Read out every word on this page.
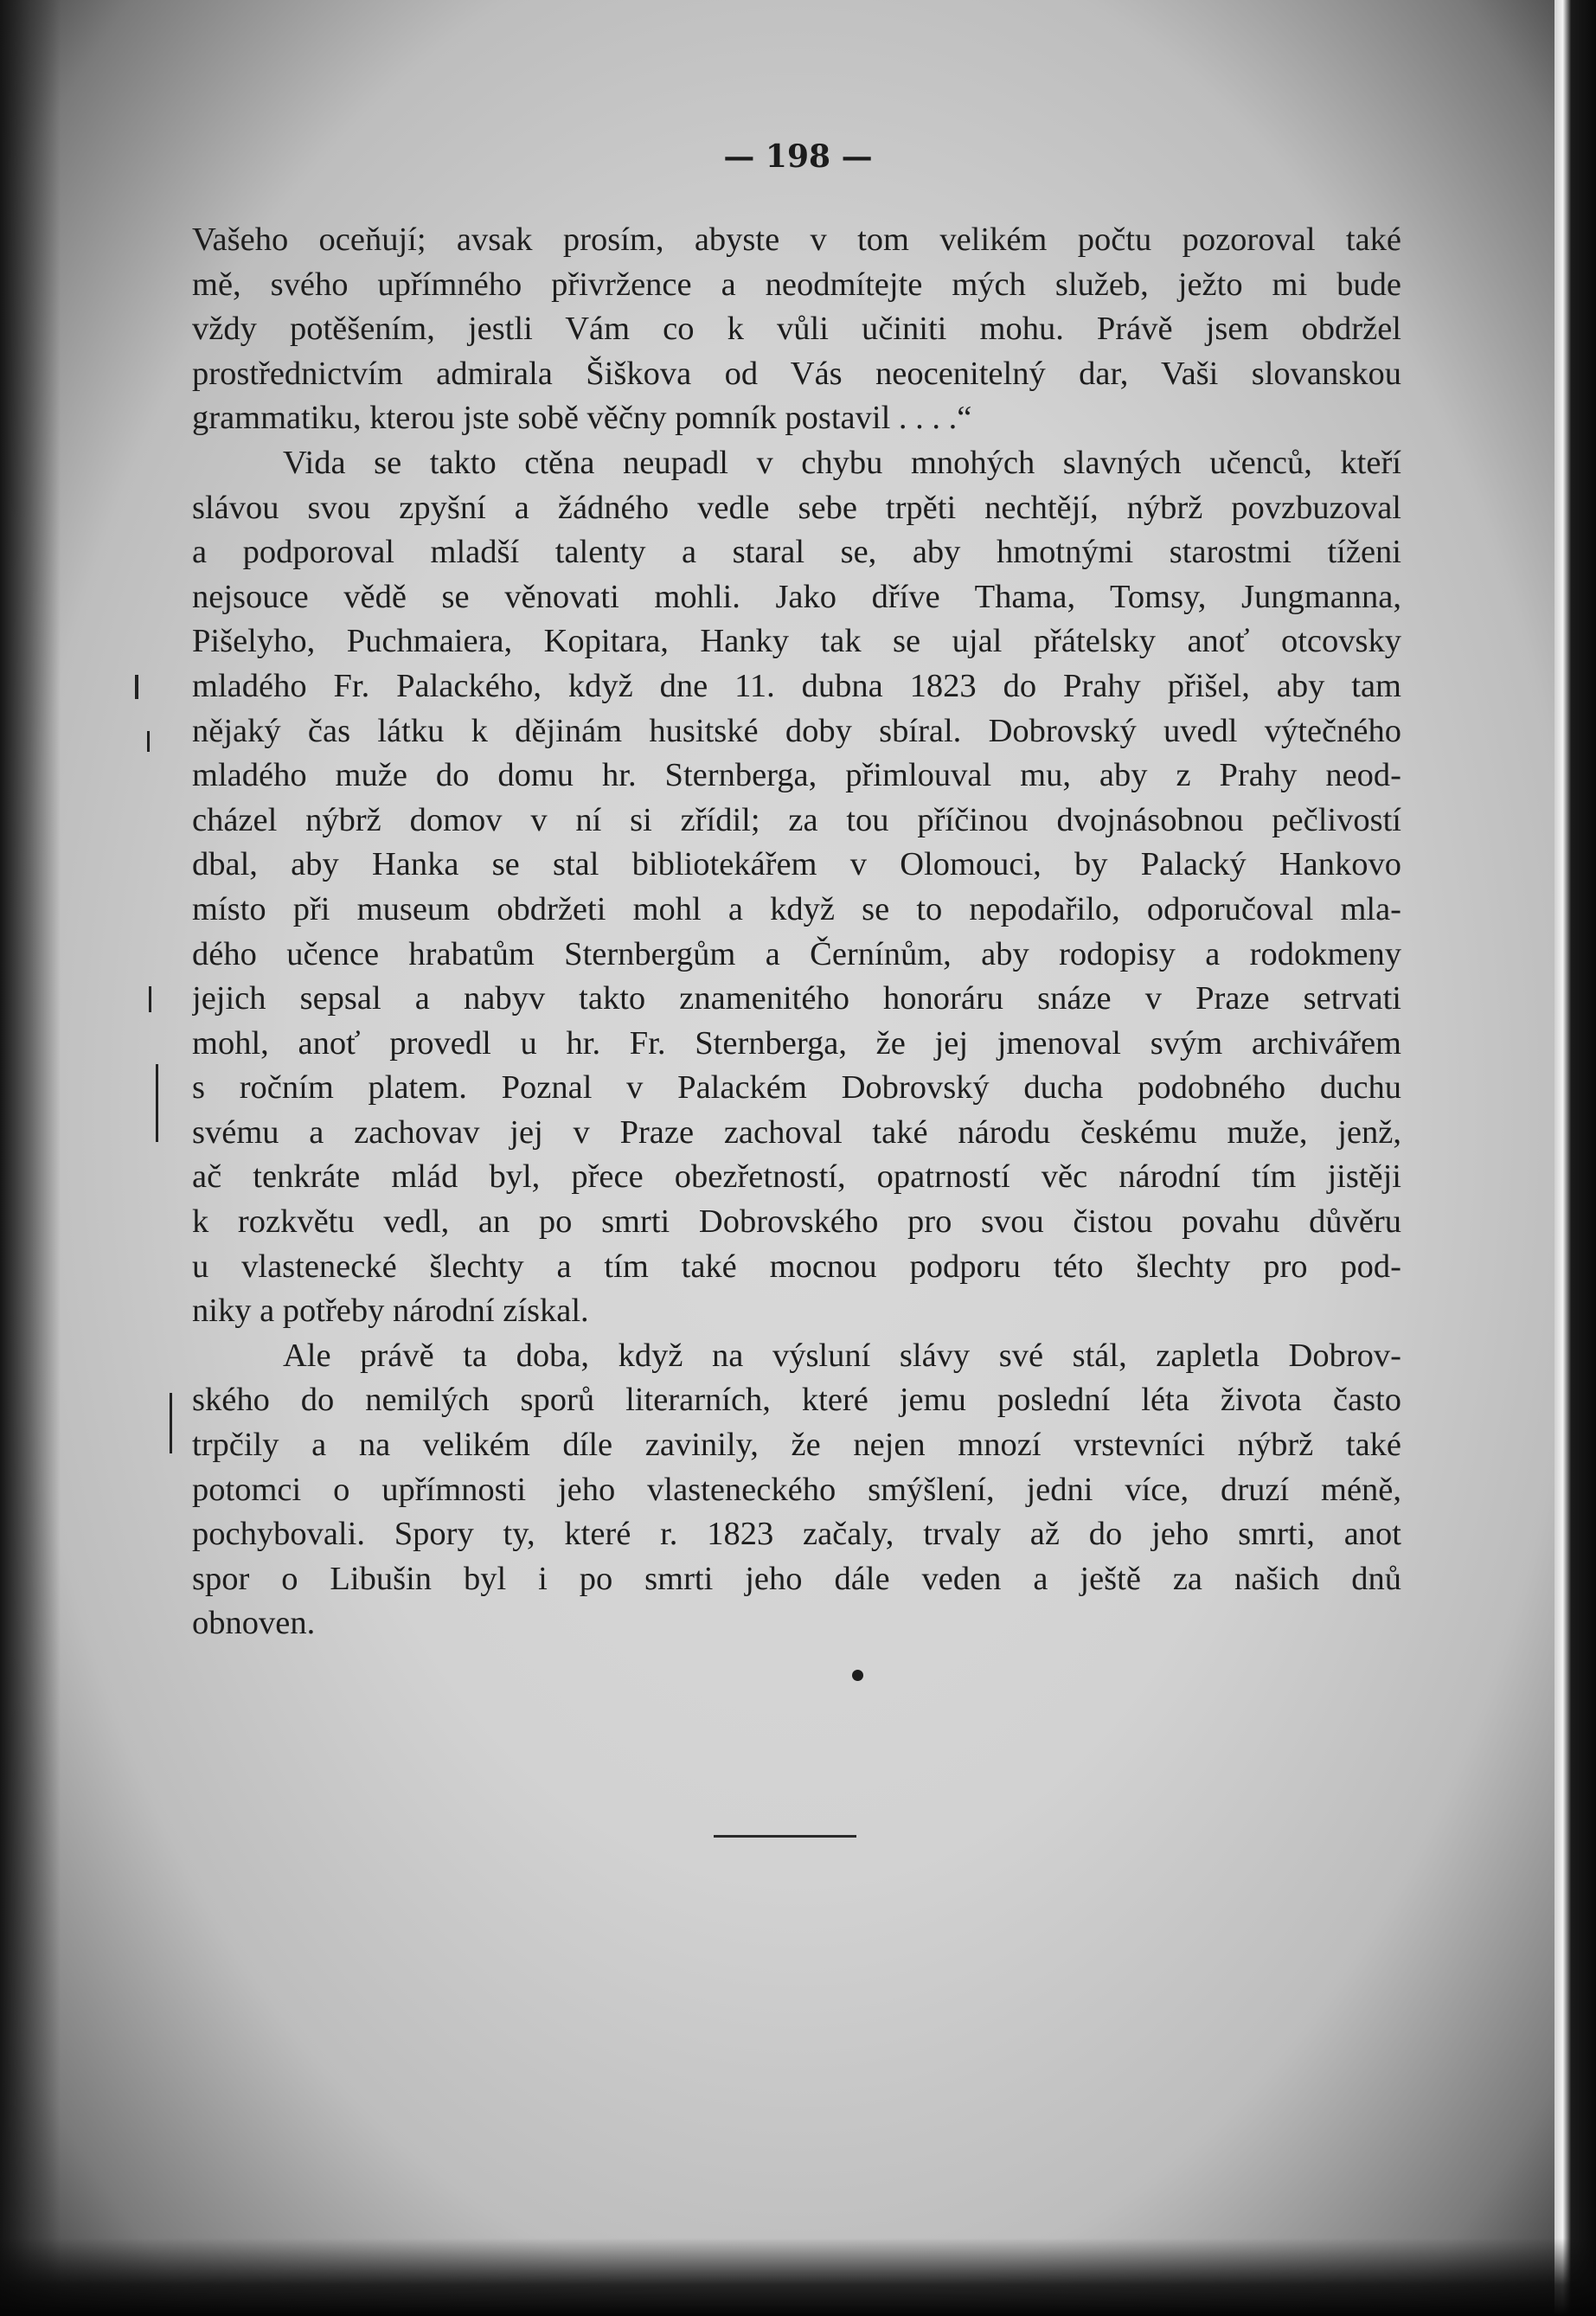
— 198 —
Vašeho oceňují; avsak prosím, abyste v tom velikém počtu pozoroval také
mě, svého upřímného přivržence a neodmítejte mých služeb, ježto mi bude
vždy potěšením, jestli Vám co k vůli učiniti mohu. Právě jsem obdržel
prostřednictvím admirala Šiškova od Vás neocenitelný dar, Vaši slovanskou
grammatiku, kterou jste sobě věčny pomník postavil . . . .“
Vida se takto ctěna neupadl v chybu mnohých slavných učenců, kteří
slávou svou zpyšní a žádného vedle sebe trpěti nechtějí, nýbrž povzbuzoval
a podporoval mladší talenty a staral se, aby hmotnými starostmi tíženi
nejsouce vědě se věnovati mohli. Jako dříve Thama, Tomsy, Jungmanna,
Pišelyho, Puchmaiera, Kopitara, Hanky tak se ujal přátelsky anoť otcovsky
mladého Fr. Palackého, když dne 11. dubna 1823 do Prahy přišel, aby tam
nějaký čas látku k dějinám husitské doby sbíral. Dobrovský uvedl výtečného
mladého muže do domu hr. Sternberga, přimlouval mu, aby z Prahy neod-
cházel nýbrž domov v ní si zřídil; za tou příčinou dvojnásobnou pečlivostí
dbal, aby Hanka se stal bibliotekářem v Olomouci, by Palacký Hankovo
místo při museum obdržeti mohl a když se to nepodařilo, odporučoval mla-
dého učence hrabatům Sternbergům a Černínům, aby rodopisy a rodokmeny
jejich sepsal a nabyv takto znamenitého honoráru snáze v Praze setrvati
mohl, anoť provedl u hr. Fr. Sternberga, že jej jmenoval svým archivářem
s ročním platem. Poznal v Palackém Dobrovský ducha podobného duchu
svému a zachovav jej v Praze zachoval také národu českému muže, jenž,
ač tenkráte mlád byl, přece obezřetností, opatrností věc národní tím jistěji
k rozkvětu vedl, an po smrti Dobrovského pro svou čistou povahu důvěru
u vlastenecké šlechty a tím také mocnou podporu této šlechty pro pod-
niky a potřeby národní získal.
Ale právě ta doba, když na výsluní slávy své stál, zapletla Dobrov-
ského do nemilých sporů literarních, které jemu poslední léta života často
trpčily a na velikém díle zavinily, že nejen mnozí vrstevníci nýbrž také
potomci o upřímnosti jeho vlasteneckého smýšlení, jedni více, druzí méně,
pochybovali. Spory ty, které r. 1823 začaly, trvaly až do jeho smrti, anot
spor o Libušin byl i po smrti jeho dále veden a ještě za našich dnů
obnoven.
